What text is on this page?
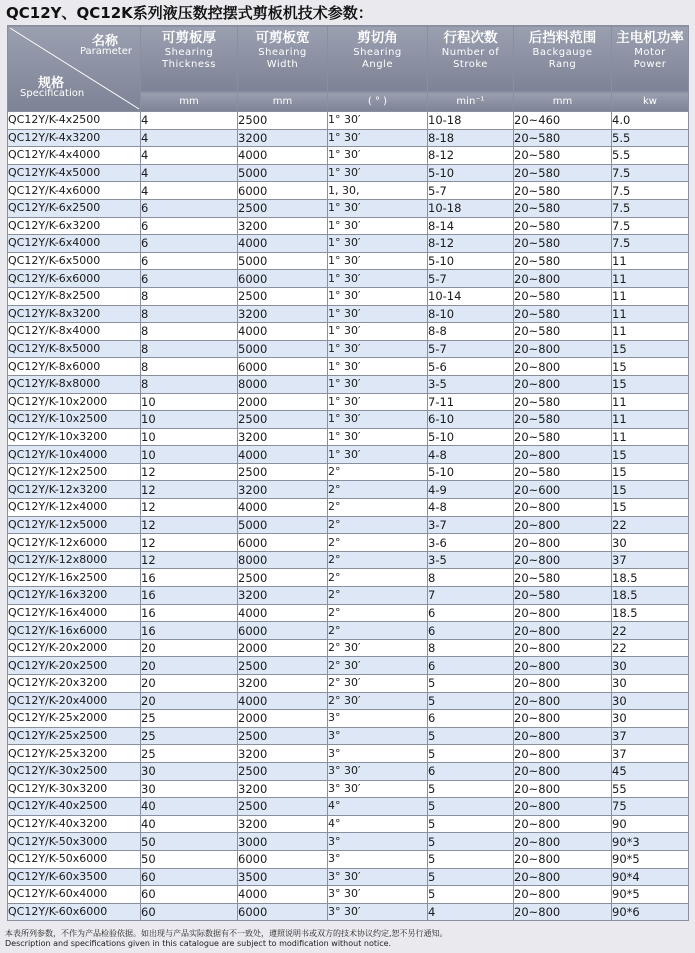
QC12Y、QC12K系列液压数控摆式剪板机技术参数：
名称
Parameter
规格
Specification	可剪板厚
Shearing
Thickness	可剪板宽
Shearing
Width	剪切角
Shearing
Angle	行程次数
Number of
Stroke	后挡料范围
Backgauge
Rang	主电机功率
Motor
Power

	mm	mm	( ° )	min⁻¹	mm	kw
QC12Y/K-4x2500	4	2500	1° 30′	10-18	20~460	4.0
QC12Y/K-4x3200	4	3200	1° 30′	8-18	20~580	5.5
QC12Y/K-4x4000	4	4000	1° 30′	8-12	20~580	5.5
QC12Y/K-4x5000	4	5000	1° 30′	5-10	20~580	7.5
QC12Y/K-4x6000	4	6000	1, 30,	5-7	20~580	7.5
QC12Y/K-6x2500	6	2500	1° 30′	10-18	20~580	7.5
QC12Y/K-6x3200	6	3200	1° 30′	8-14	20~580	7.5
QC12Y/K-6x4000	6	4000	1° 30′	8-12	20~580	7.5
QC12Y/K-6x5000	6	5000	1° 30′	5-10	20~580	11
QC12Y/K-6x6000	6	6000	1° 30′	5-7	20~800	11
QC12Y/K-8x2500	8	2500	1° 30′	10-14	20~580	11
QC12Y/K-8x3200	8	3200	1° 30′	8-10	20~580	11
QC12Y/K-8x4000	8	4000	1° 30′	8-8	20~580	11
QC12Y/K-8x5000	8	5000	1° 30′	5-7	20~800	15
QC12Y/K-8x6000	8	6000	1° 30′	5-6	20~800	15
QC12Y/K-8x8000	8	8000	1° 30′	3-5	20~800	15
QC12Y/K-10x2000	10	2000	1° 30′	7-11	20~580	11
QC12Y/K-10x2500	10	2500	1° 30′	6-10	20~580	11
QC12Y/K-10x3200	10	3200	1° 30′	5-10	20~580	11
QC12Y/K-10x4000	10	4000	1° 30′	4-8	20~800	15
QC12Y/K-12x2500	12	2500	2°	5-10	20~580	15
QC12Y/K-12x3200	12	3200	2°	4-9	20~600	15
QC12Y/K-12x4000	12	4000	2°	4-8	20~800	15
QC12Y/K-12x5000	12	5000	2°	3-7	20~800	22
QC12Y/K-12x6000	12	6000	2°	3-6	20~800	30
QC12Y/K-12x8000	12	8000	2°	3-5	20~800	37
QC12Y/K-16x2500	16	2500	2°	8	20~580	18.5
QC12Y/K-16x3200	16	3200	2°	7	20~580	18.5
QC12Y/K-16x4000	16	4000	2°	6	20~800	18.5
QC12Y/K-16x6000	16	6000	2°	6	20~800	22
QC12Y/K-20x2000	20	2000	2° 30′	8	20~800	22
QC12Y/K-20x2500	20	2500	2° 30′	6	20~800	30
QC12Y/K-20x3200	20	3200	2° 30′	5	20~800	30
QC12Y/K-20x4000	20	4000	2° 30′	5	20~800	30
QC12Y/K-25x2000	25	2000	3°	6	20~800	30
QC12Y/K-25x2500	25	2500	3°	5	20~800	37
QC12Y/K-25x3200	25	3200	3°	5	20~800	37
QC12Y/K-30x2500	30	2500	3° 30′	6	20~800	45
QC12Y/K-30x3200	30	3200	3° 30′	5	20~800	55
QC12Y/K-40x2500	40	2500	4°	5	20~800	75
QC12Y/K-40x3200	40	3200	4°	5	20~800	90
QC12Y/K-50x3000	50	3000	3°	5	20~800	90*3
QC12Y/K-50x6000	50	6000	3°	5	20~800	90*5
QC12Y/K-60x3500	60	3500	3° 30′	5	20~800	90*4
QC12Y/K-60x4000	60	4000	3° 30′	5	20~800	90*5
QC12Y/K-60x6000	60	6000	3° 30′	4	20~800	90*6
本表所列参数，不作为产品检验依据。如出现与产品实际数据有不一致处，遵照说明书或双方的技术协议约定,恕不另行通知。
Description and specifications given in this catalogue are subject to modification without notice.
